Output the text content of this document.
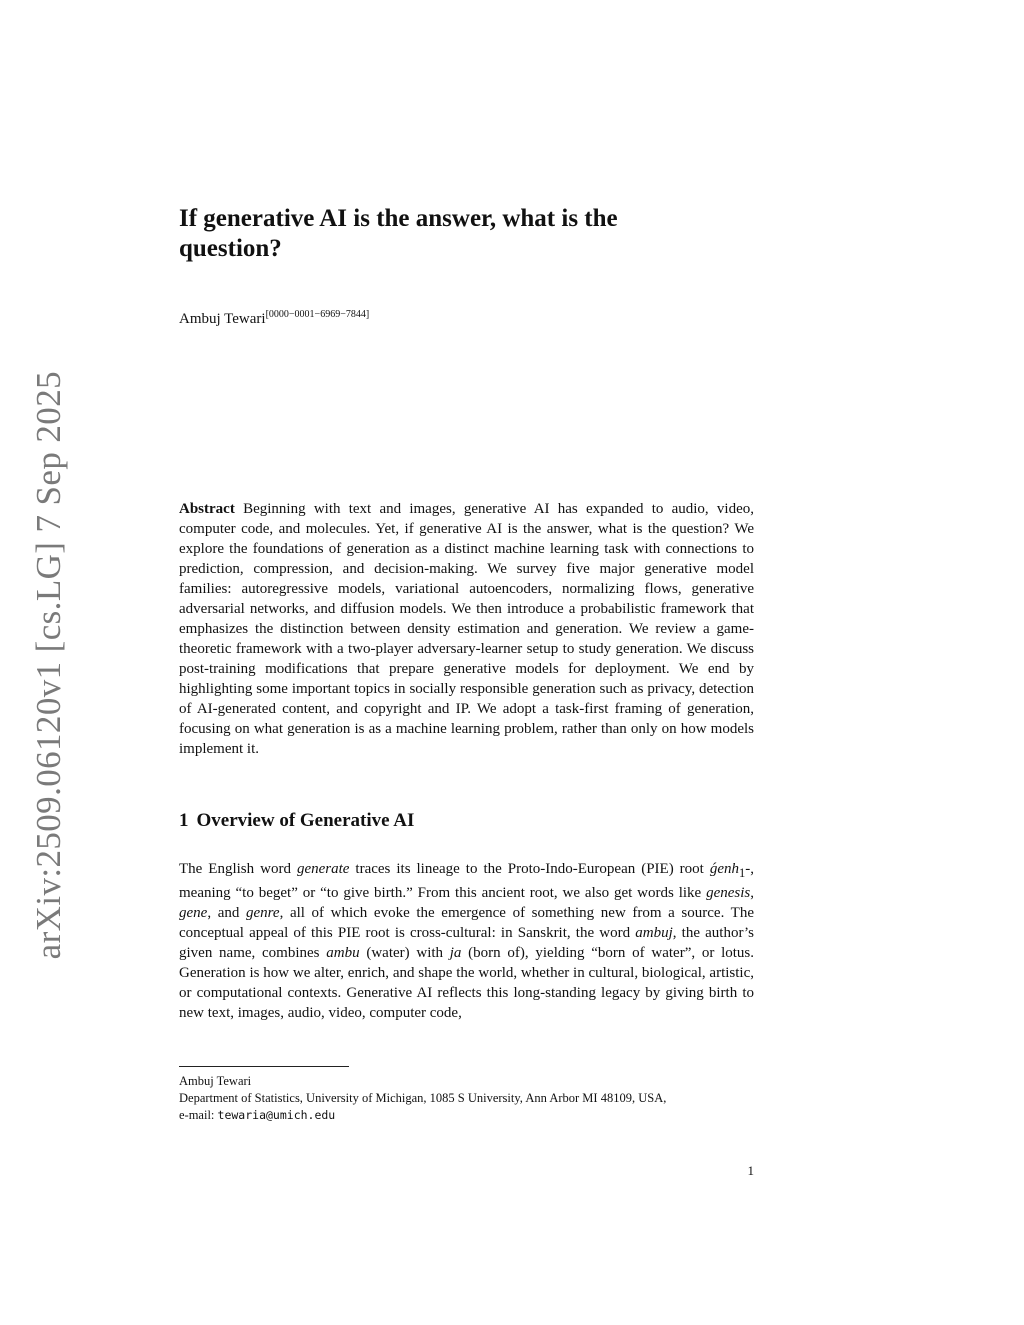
arXiv:2509.06120v1 [cs.LG] 7 Sep 2025
If generative AI is the answer, what is the question?
Ambuj Tewari[0000−0001−6969−7844]

Abstract Beginning with text and images, generative AI has expanded to audio, video, computer code, and molecules. Yet, if generative AI is the answer, what is the question? We explore the foundations of generation as a distinct machine learning task with connections to prediction, compression, and decision-making. We survey five major generative model families: autoregressive models, variational autoencoders, normalizing flows, generative adversarial networks, and diffusion models. We then introduce a probabilistic framework that emphasizes the distinction between density estimation and generation. We review a game-theoretic framework with a two-player adversary-learner setup to study generation. We discuss post-training modifications that prepare generative models for deployment. We end by highlighting some important topics in socially responsible generation such as privacy, detection of AI-generated content, and copyright and IP. We adopt a task-first framing of generation, focusing on what generation is as a machine learning problem, rather than only on how models implement it.

1 Overview of Generative AI

The English word generate traces its lineage to the Proto-Indo-European (PIE) root ǵenh$_1$-, meaning “to beget” or “to give birth.” From this ancient root, we also get words like genesis, gene, and genre, all of which evoke the emergence of something new from a source. The conceptual appeal of this PIE root is cross-cultural: in Sanskrit, the word ambuj, the author’s given name, combines ambu (water) with ja (born of), yielding “born of water”, or lotus. Generation is how we alter, enrich, and shape the world, whether in cultural, biological, artistic, or computational contexts. Generative AI reflects this long-standing legacy by giving birth to new text, images, audio, video, computer code,

Ambuj Tewari
Department of Statistics, University of Michigan, 1085 S University, Ann Arbor MI 48109, USA,
e-mail: tewaria@umich.edu
1
